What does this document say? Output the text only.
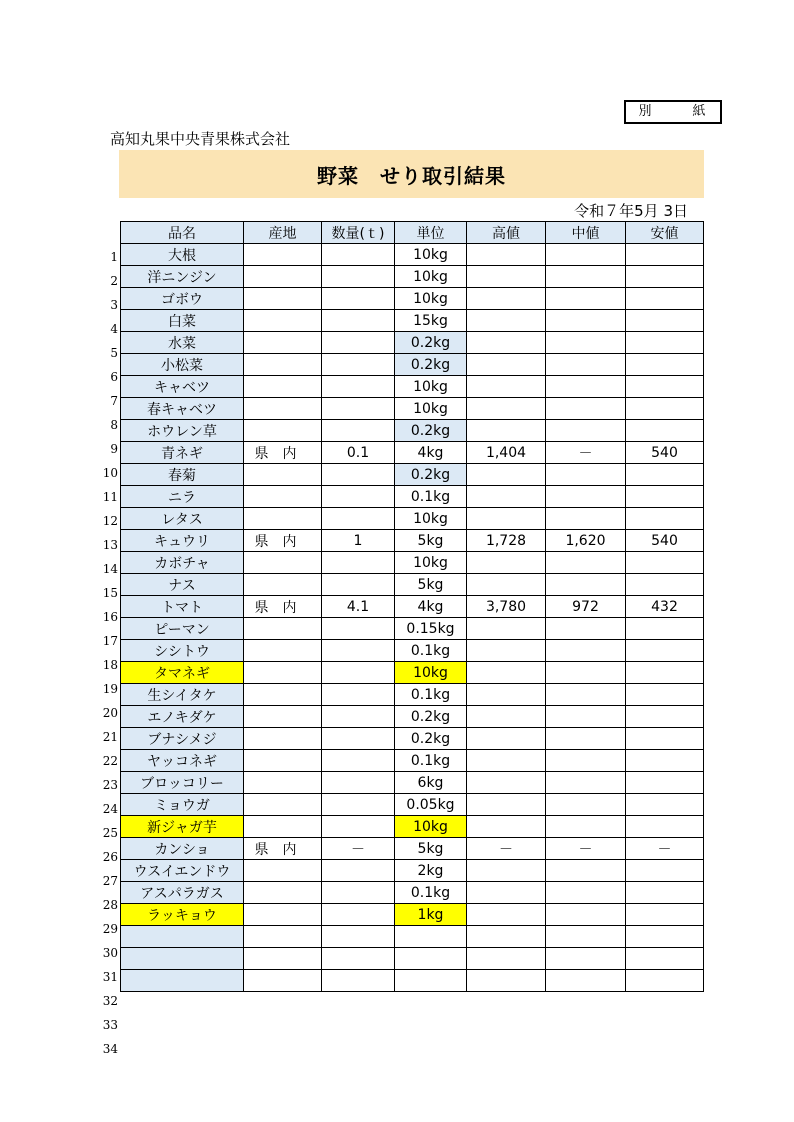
別　紙
高知丸果中央青果株式会社
野菜　せり取引結果
令和７年5月 3日
1
2
3
4
5
6
7
8
9
10
11
12
13
14
15
16
17
18
19
20
21
22
23
24
25
26
27
28
29
30
31
32
33
34
品名	産地	数量(ｔ)	単位	高値	中値	安値
大根			10kg			
洋ニンジン			10kg			
ゴボウ			10kg			
白菜			15kg			
水菜			0.2kg			
小松菜			0.2kg			
キャベツ			10kg			
春キャベツ			10kg			
ホウレン草			0.2kg			
青ネギ	県内	0.1	4kg	1,404	－	540
春菊			0.2kg			
ニラ			0.1kg			
レタス			10kg			
キュウリ	県内	1	5kg	1,728	1,620	540
カボチャ			10kg			
ナス			5kg			
トマト	県内	4.1	4kg	3,780	972	432
ピーマン			0.15kg			
シシトウ			0.1kg			
タマネギ			10kg			
生シイタケ			0.1kg			
エノキダケ			0.2kg			
ブナシメジ			0.2kg			
ヤッコネギ			0.1kg			
ブロッコリー			6kg			
ミョウガ			0.05kg			
新ジャガ芋			10kg			
カンショ	県内	－	5kg	－	－	－
ウスイエンドウ			2kg			
アスパラガス			0.1kg			
ラッキョウ			1kg			
